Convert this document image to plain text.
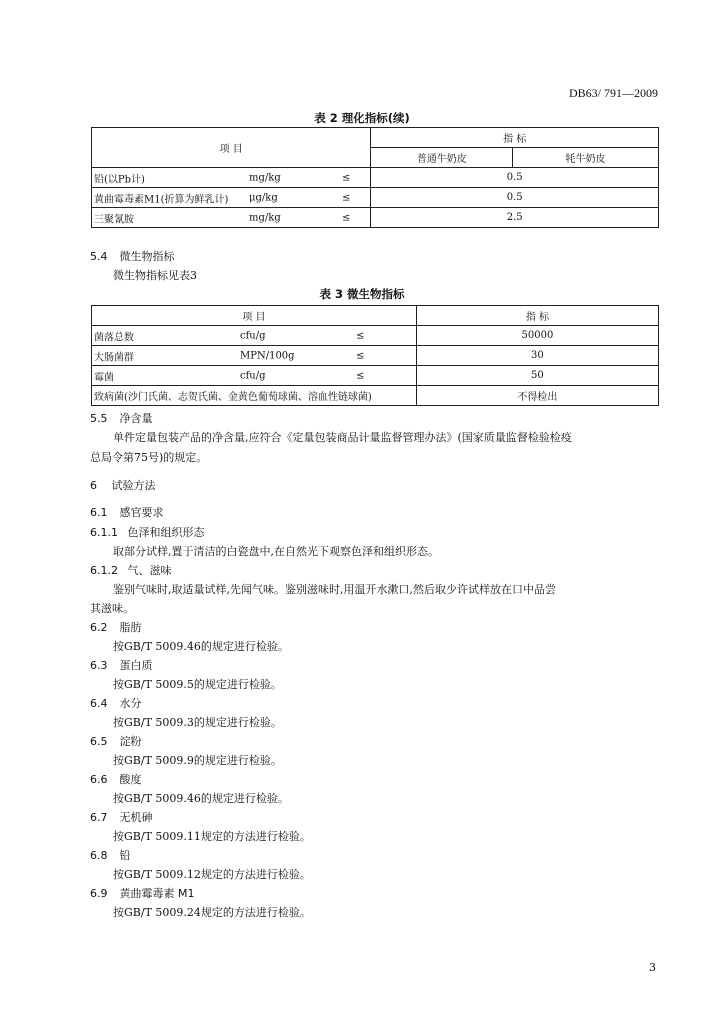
DB63/ 791—2009
表 2 理化指标(续)
项 目	指 标	
	普通牛奶皮	牦牛奶皮

铅(以Pb计) mg/kg ≤	0.5	

黄曲霉毒素M1(折算为鲜乳计) μg/kg ≤	0.5	

三聚氰胺 mg/kg ≤	2.5	
5.4 微生物指标
微生物指标见表3
表 3 微生物指标
项 目	指 标

菌落总数 cfu/g ≤	50000

大肠菌群 MPN/100g ≤	30

霉菌 cfu/g ≤	50
致病菌(沙门氏菌、志贺氏菌、金黄色葡萄球菌、溶血性链球菌)	不得检出
5.5 净含量
单件定量包装产品的净含量,应符合《定量包装商品计量监督管理办法》(国家质量监督检验检疫
总局令第75号)的规定。
6 试验方法
6.1 感官要求
6.1.1 色泽和组织形态
取部分试样,置于清洁的白瓷盘中,在自然光下观察色泽和组织形态。
6.1.2 气、滋味
鉴别气味时,取适量试样,先闻气味。鉴别滋味时,用温开水漱口,然后取少许试样放在口中品尝
其滋味。
6.2 脂肪
按GB/T 5009.46的规定进行检验。
6.3 蛋白质
按GB/T 5009.5的规定进行检验。
6.4 水分
按GB/T 5009.3的规定进行检验。
6.5 淀粉
按GB/T 5009.9的规定进行检验。
6.6 酸度
按GB/T 5009.46的规定进行检验。
6.7 无机砷
按GB/T 5009.11规定的方法进行检验。
6.8 铅
按GB/T 5009.12规定的方法进行检验。
6.9 黄曲霉毒素 M1
按GB/T 5009.24规定的方法进行检验。
3
